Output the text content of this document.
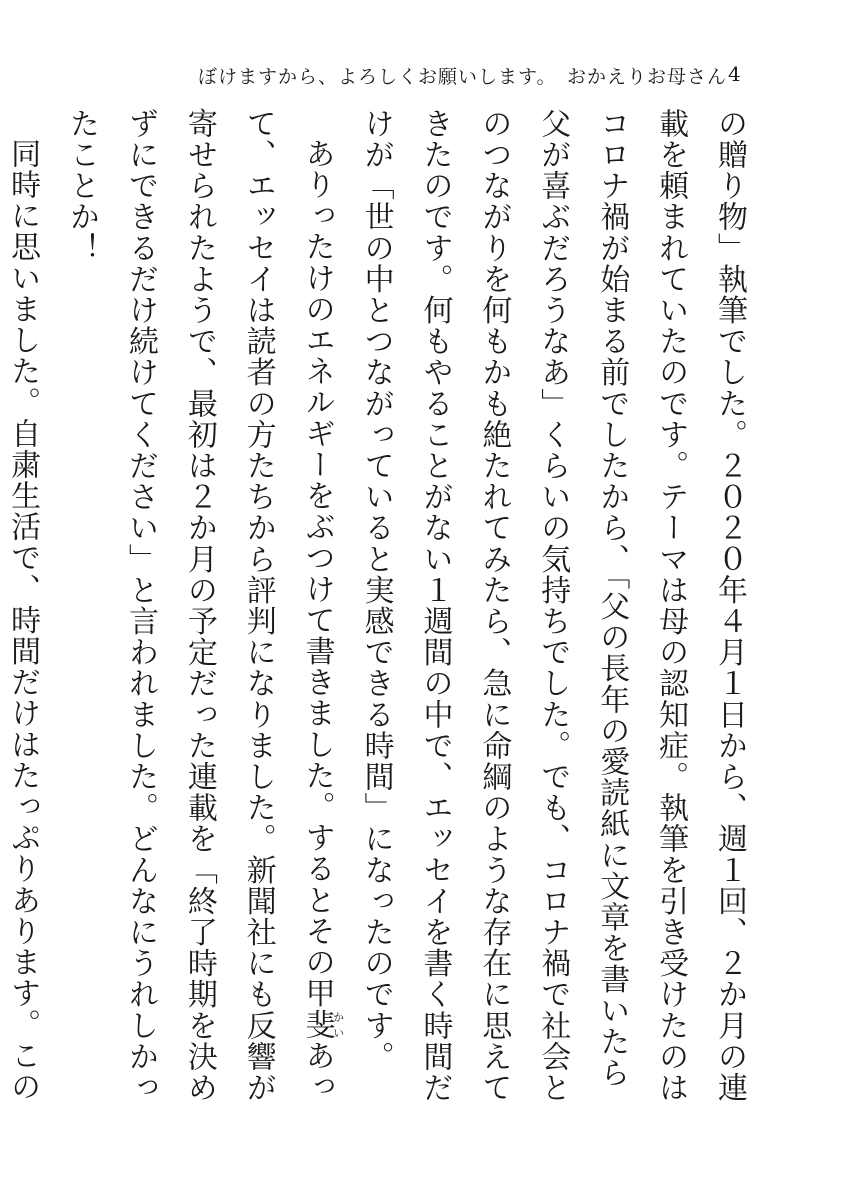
ぼけますから、よろしくお願いします。　おかえりお母さん 4

の贈り物」執筆でした。２０２０年４月１日から、週１回、２か月の連載を頼まれていたのです。テーマは母の認知症。執筆を引き受けたのはコロナ禍が始まる前でしたから、「父の長年の愛読紙に文章を書いたら父が喜ぶだろうなあ」くらいの気持ちでした。でも、コロナ禍で社会とのつながりを何もかも絶たれてみたら、急に命綱のような存在に思えてきたのです。何もやることがない１週間の中で、エッセイを書く時間だけが「世の中とつながっていると実感できる時間」になったのです。

ありったけのエネルギーをぶつけて書きました。するとその甲斐かいあって、エッセイは読者の方たちから評判になりました。新聞社にも反響が寄せられたようで、最初は２か月の予定だった連載を「終了時期を決めずにできるだけ続けてください」と言われました。どんなにうれしかったことか！

同時に思いました。自粛生活で、時間だけはたっぷりあります。この
